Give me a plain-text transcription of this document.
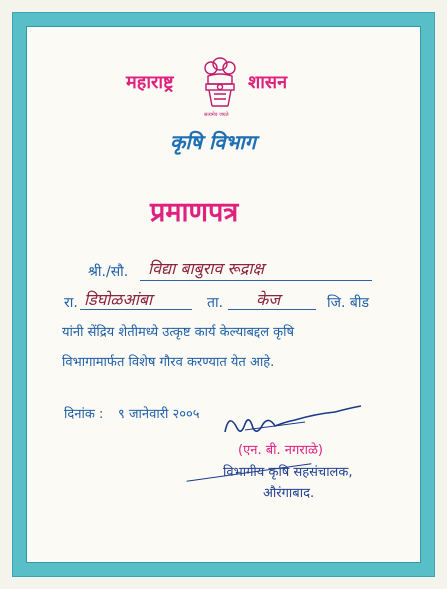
महाराष्ट्र
सत्यमेव जयते
शासन
कृषि विभाग
प्रमाणपत्र
श्री./सौ. विद्या बाबुराव रूद्राक्ष
रा. डिघोळआंबा	ता. केज	जि. बीड
यांनी सेंद्रिय शेतीमध्ये उत्कृष्ट कार्य केल्याबद्दल कृषि
विभागामार्फत विशेष गौरव करण्यात येत आहे.
दिनांक : ९ जानेवारी २००५
(एन. बी. नगराळे)
विभागीय कृषि सहसंचालक,
औरंगाबाद.
